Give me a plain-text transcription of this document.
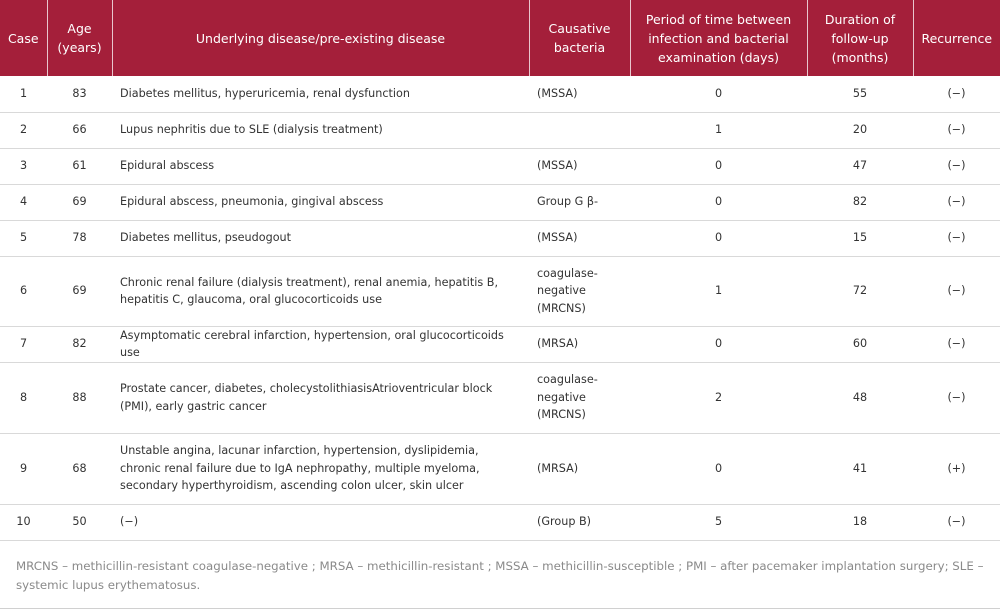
Case	Age (years)	Underlying disease/pre-existing disease	Causative bacteria	Period of time between infection and bacterial examination (days)	Duration of follow-up (months)	Recurrence
1	83	Diabetes mellitus, hyperuricemia, renal dysfunction	(MSSA)	0	55	(−)
2	66	Lupus nephritis due to SLE (dialysis treatment)		1	20	(−)
3	61	Epidural abscess	(MSSA)	0	47	(−)
4	69	Epidural abscess, pneumonia, gingival abscess	Group G β-	0	82	(−)
5	78	Diabetes mellitus, pseudogout	(MSSA)	0	15	(−)
6	69	Chronic renal failure (dialysis treatment), renal anemia, hepatitis B, hepatitis C, glaucoma, oral glucocorticoids use	coagulase-negative (MRCNS)	1	72	(−)
7	82	Asymptomatic cerebral infarction, hypertension, oral glucocorticoids use	(MRSA)	0	60	(−)
8	88	Prostate cancer, diabetes, cholecystolithiasisAtrioventricular block (PMI), early gastric cancer	coagulase-negative (MRCNS)	2	48	(−)
9	68	Unstable angina, lacunar infarction, hypertension, dyslipidemia, chronic renal failure due to IgA nephropathy, multiple myeloma, secondary hyperthyroidism, ascending colon ulcer, skin ulcer	(MRSA)	0	41	(+)
10	50	(−)	(Group B)	5	18	(−)
MRCNS – methicillin-resistant coagulase-negative ; MRSA – methicillin-resistant ; MSSA – methicillin-susceptible ; PMI – after pacemaker implantation surgery; SLE – systemic lupus erythematosus.
